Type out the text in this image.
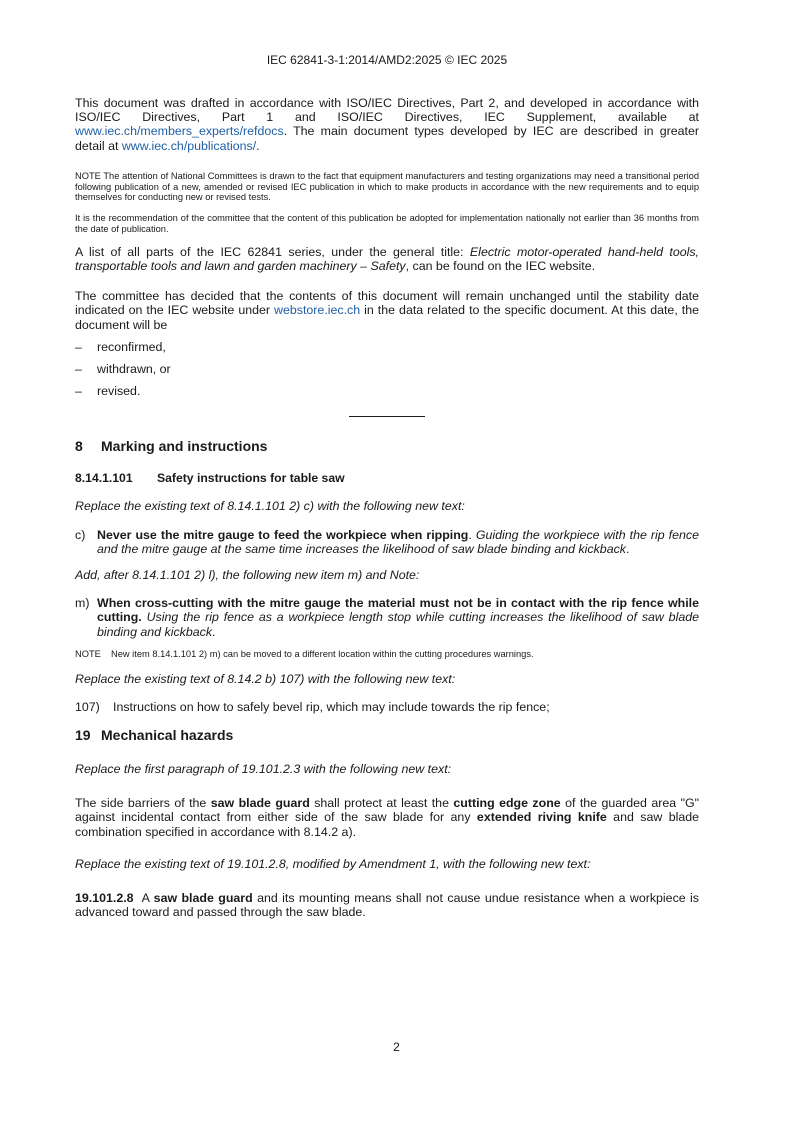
IEC 62841-3-1:2014/AMD2:2025 © IEC 2025

This document was drafted in accordance with ISO/IEC Directives, Part 2, and developed in accordance with ISO/IEC Directives, Part 1 and ISO/IEC Directives, IEC Supplement, available at www.iec.ch/members_experts/refdocs. The main document types developed by IEC are described in greater detail at www.iec.ch/publications/.

NOTE The attention of National Committees is drawn to the fact that equipment manufacturers and testing organizations may need a transitional period following publication of a new, amended or revised IEC publication in which to make products in accordance with the new requirements and to equip themselves for conducting new or revised tests.

It is the recommendation of the committee that the content of this publication be adopted for implementation nationally not earlier than 36 months from the date of publication.

A list of all parts of the IEC 62841 series, under the general title: Electric motor-operated hand-held tools, transportable tools and lawn and garden machinery – Safety, can be found on the IEC website.

The committee has decided that the contents of this document will remain unchanged until the stability date indicated on the IEC website under webstore.iec.ch in the data related to the specific document. At this date, the document will be

–	reconfirmed,
–	withdrawn, or
–	revised.
8 Marking and instructions
8.14.1.101 Safety instructions for table saw

Replace the existing text of 8.14.1.101 2) c) with the following new text:

c) Never use the mitre gauge to feed the workpiece when ripping. Guiding the workpiece with the rip fence and the mitre gauge at the same time increases the likelihood of saw blade binding and kickback.

Add, after 8.14.1.101 2) l), the following new item m) and Note:

m) When cross-cutting with the mitre gauge the material must not be in contact with the rip fence while cutting. Using the rip fence as a workpiece length stop while cutting increases the likelihood of saw blade binding and kickback.
NOTE	New item 8.14.1.101 2) m) can be moved to a different location within the cutting procedures warnings.

Replace the existing text of 8.14.2 b) 107) with the following new text:

107)	Instructions on how to safely bevel rip, which may include towards the rip fence;
19 Mechanical hazards

Replace the first paragraph of 19.101.2.3 with the following new text:

The side barriers of the saw blade guard shall protect at least the cutting edge zone of the guarded area "G" against incidental contact from either side of the saw blade for any extended riving knife and saw blade combination specified in accordance with 8.14.2 a).

Replace the existing text of 19.101.2.8, modified by Amendment 1, with the following new text:

19.101.2.8  A saw blade guard and its mounting means shall not cause undue resistance when a workpiece is advanced toward and passed through the saw blade.

2
